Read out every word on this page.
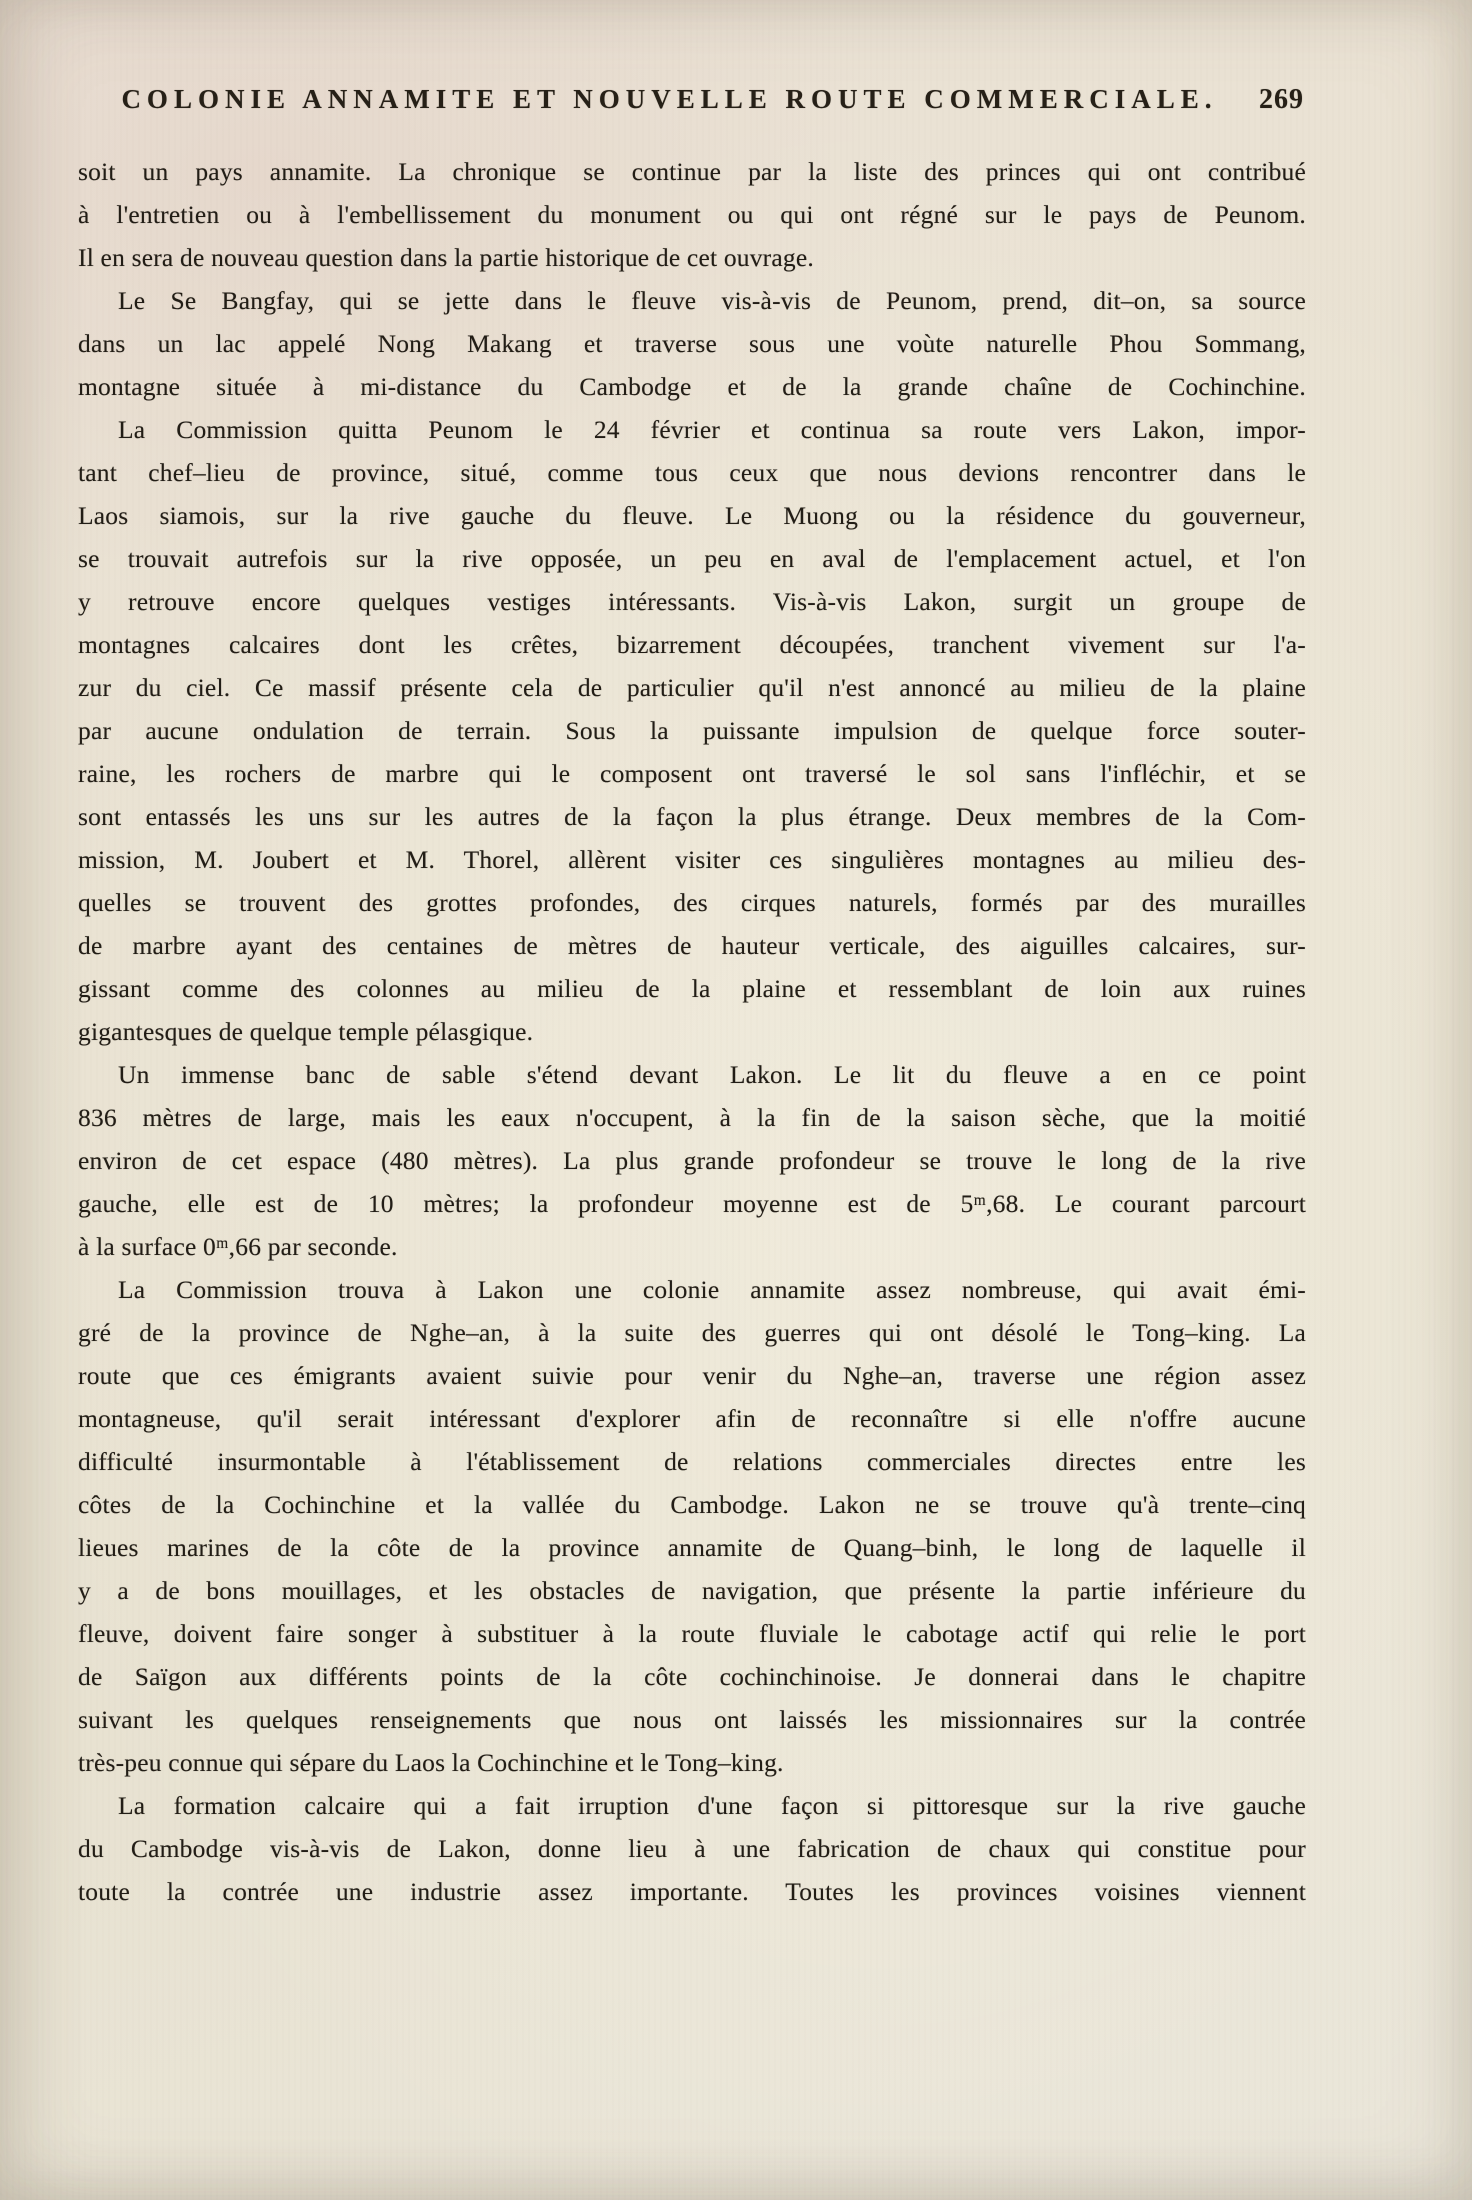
COLONIE ANNAMITE ET NOUVELLE ROUTE COMMERCIALE.	269
soit un pays annamite. La chronique se continue par la liste des princes qui ont contribué
à l'entretien ou à l'embellissement du monument ou qui ont régné sur le pays de Peunom.
Il en sera de nouveau question dans la partie historique de cet ouvrage.
Le Se Bangfay, qui se jette dans le fleuve vis-à-vis de Peunom, prend, dit–on, sa source
dans un lac appelé Nong Makang et traverse sous une voùte naturelle Phou Sommang,
montagne située à mi-distance du Cambodge et de la grande chaîne de Cochinchine.
La Commission quitta Peunom le 24 février et continua sa route vers Lakon, impor-
tant chef–lieu de province, situé, comme tous ceux que nous devions rencontrer dans le
Laos siamois, sur la rive gauche du fleuve. Le Muong ou la résidence du gouverneur,
se trouvait autrefois sur la rive opposée, un peu en aval de l'emplacement actuel, et l'on
y retrouve encore quelques vestiges intéressants. Vis-à-vis Lakon, surgit un groupe de
montagnes calcaires dont les crêtes, bizarrement découpées, tranchent vivement sur l'a-
zur du ciel. Ce massif présente cela de particulier qu'il n'est annoncé au milieu de la plaine
par aucune ondulation de terrain. Sous la puissante impulsion de quelque force souter-
raine, les rochers de marbre qui le composent ont traversé le sol sans l'infléchir, et se
sont entassés les uns sur les autres de la façon la plus étrange. Deux membres de la Com-
mission, M. Joubert et M. Thorel, allèrent visiter ces singulières montagnes au milieu des-
quelles se trouvent des grottes profondes, des cirques naturels, formés par des murailles
de marbre ayant des centaines de mètres de hauteur verticale, des aiguilles calcaires, sur-
gissant comme des colonnes au milieu de la plaine et ressemblant de loin aux ruines
gigantesques de quelque temple pélasgique.
Un immense banc de sable s'étend devant Lakon. Le lit du fleuve a en ce point
836 mètres de large, mais les eaux n'occupent, à la fin de la saison sèche, que la moitié
environ de cet espace (480 mètres). La plus grande profondeur se trouve le long de la rive
gauche, elle est de 10 mètres; la profondeur moyenne est de 5ᵐ,68. Le courant parcourt
à la surface 0ᵐ,66 par seconde.
La Commission trouva à Lakon une colonie annamite assez nombreuse, qui avait émi-
gré de la province de Nghe–an, à la suite des guerres qui ont désolé le Tong–king. La
route que ces émigrants avaient suivie pour venir du Nghe–an, traverse une région assez
montagneuse, qu'il serait intéressant d'explorer afin de reconnaître si elle n'offre aucune
difficulté insurmontable à l'établissement de relations commerciales directes entre les
côtes de la Cochinchine et la vallée du Cambodge. Lakon ne se trouve qu'à trente–cinq
lieues marines de la côte de la province annamite de Quang–binh, le long de laquelle il
y a de bons mouillages, et les obstacles de navigation, que présente la partie inférieure du
fleuve, doivent faire songer à substituer à la route fluviale le cabotage actif qui relie le port
de Saïgon aux différents points de la côte cochinchinoise. Je donnerai dans le chapitre
suivant les quelques renseignements que nous ont laissés les missionnaires sur la contrée
très-peu connue qui sépare du Laos la Cochinchine et le Tong–king.
La formation calcaire qui a fait irruption d'une façon si pittoresque sur la rive gauche
du Cambodge vis-à-vis de Lakon, donne lieu à une fabrication de chaux qui constitue pour
toute la contrée une industrie assez importante. Toutes les provinces voisines viennent
